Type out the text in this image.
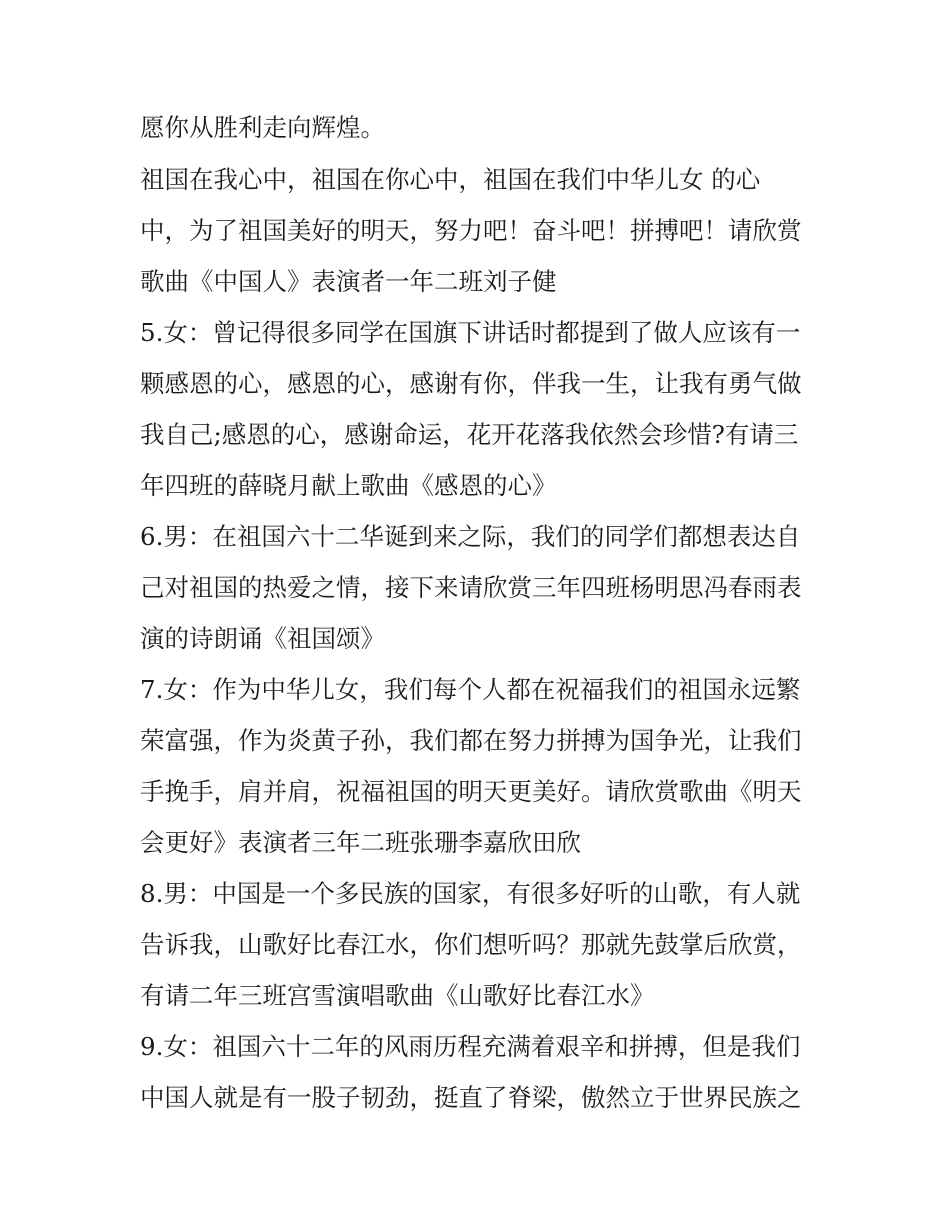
愿你从胜利走向辉煌。
祖国在我心中，祖国在你心中，祖国在我们中华儿女 的心
中，为了祖国美好的明天，努力吧！奋斗吧！拼搏吧！请欣赏
歌曲《中国人》表演者一年二班刘子健
5.女：曾记得很多同学在国旗下讲话时都提到了做人应该有一
颗感恩的心，感恩的心，感谢有你，伴我一生，让我有勇气做
我自己;感恩的心，感谢命运，花开花落我依然会珍惜?有请三
年四班的薛晓月献上歌曲《感恩的心》
6.男：在祖国六十二华诞到来之际，我们的同学们都想表达自
己对祖国的热爱之情，接下来请欣赏三年四班杨明思冯春雨表
演的诗朗诵《祖国颂》
7.女：作为中华儿女，我们每个人都在祝福我们的祖国永远繁
荣富强，作为炎黄子孙，我们都在努力拼搏为国争光，让我们
手挽手，肩并肩，祝福祖国的明天更美好。请欣赏歌曲《明天
会更好》表演者三年二班张珊李嘉欣田欣
8.男：中国是一个多民族的国家，有很多好听的山歌，有人就
告诉我，山歌好比春江水，你们想听吗？那就先鼓掌后欣赏，
有请二年三班宫雪演唱歌曲《山歌好比春江水》
9.女：祖国六十二年的风雨历程充满着艰辛和拼搏，但是我们
中国人就是有一股子韧劲，挺直了脊梁，傲然立于世界民族之
